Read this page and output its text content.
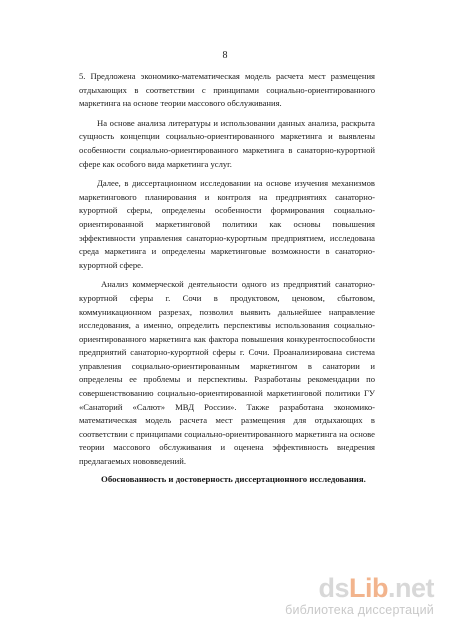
8

5. Предложена экономико-математическая модель расчета мест размещения отдыхающих в соответствии с принципами социально-ориентированного маркетинга на основе теории массового обслуживания.

На основе анализа литературы и использовании данных анализа, раскрыта сущность концепции социально-ориентированного маркетинга и выявлены особенности социально-ориентированного маркетинга в санаторно-курортной сфере как особого вида маркетинга услуг.

Далее, в диссертационном исследовании на основе изучения механизмов маркетингового планирования и контроля на предприятиях санаторно-курортной сферы, определены особенности формирования социально-ориентированной маркетинговой политики как основы повышения эффективности управления санаторно-курортным предприятием, исследована среда маркетинга и определены маркетинговые возможности в санаторно-курортной сфере.

Анализ коммерческой деятельности одного из предприятий санаторно-курортной сферы г. Сочи в продуктовом, ценовом, сбытовом, коммуникационном разрезах, позволил выявить дальнейшее направление исследования, а именно, определить перспективы использования социально-ориентированного маркетинга как фактора повышения конкурентоспособности предприятий санаторно-курортной сферы г. Сочи. Проанализирована система управления социально-ориентированным маркетингом в санатории и определены ее проблемы и перспективы. Разработаны рекомендации по совершенствованию социально-ориентированной маркетинговой политики ГУ «Санаторий «Салют» МВД России». Также разработана экономико-математическая модель расчета мест размещения для отдыхающих в соответствии с принципами социально-ориентированного маркетинга на основе теории массового обслуживания и оценена эффективность внедрения предлагаемых нововведений.

Обоснованность и достоверность диссертационного исследования.

ds Lib .net
библиотека диссертаций
